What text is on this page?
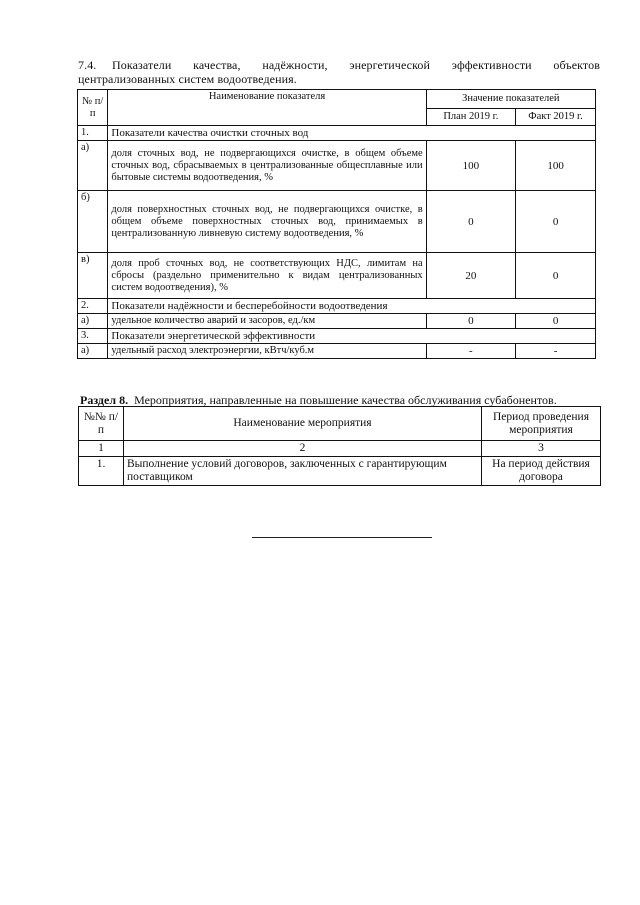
7.4. Показатели качества, надёжности, энергетической эффективности объектов централизованных систем водоотведения.
№ п/п	Наименование показателя	Значение показателей	
		План 2019 г.	Факт 2019 г.
1.	Показатели качества очистки сточных вод		
а)	доля сточных вод, не подвергающихся очистке, в общем объеме сточных вод, сбрасываемых в централизованные общесплавные или бытовые системы водоотведения, %	100	100
б)	доля поверхностных сточных вод, не подвергающихся очистке, в общем объеме поверхностных сточных вод, принимаемых в централизованную ливневую систему водоотведения, %	0	0
в)	доля проб сточных вод, не соответствующих НДС, лимитам на сбросы (раздельно применительно к видам централизованных систем водоотведения), %	20	0
2.	Показатели надёжности и бесперебойности водоотведения		
а)	удельное количество аварий и засоров, ед./км	0	0
3.	Показатели энергетической эффективности		
а)	удельный расход электроэнергии, кВтч/куб.м	-	-
Раздел 8. Мероприятия, направленные на повышение качества обслуживания субабонентов.
№№ п/п	Наименование мероприятия	Период проведения мероприятия
1	2	3
1.	Выполнение условий договоров, заключенных с гарантирующим поставщиком	На период действия договора
